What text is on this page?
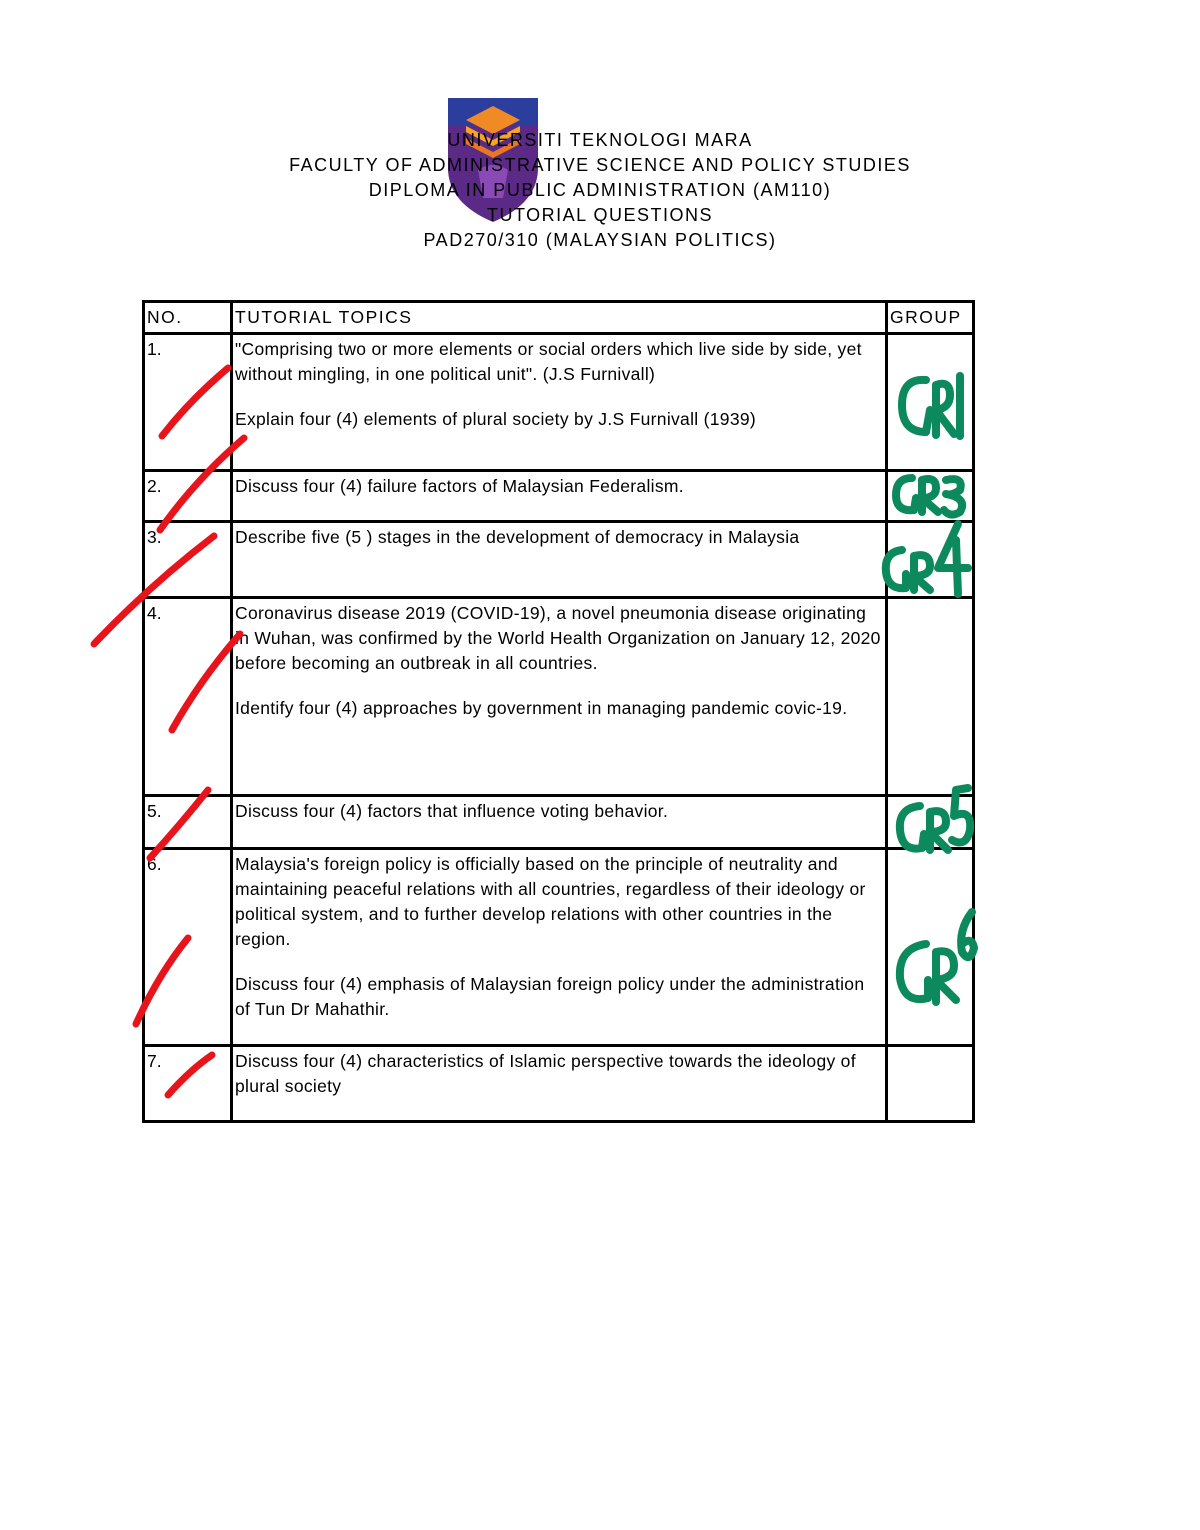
UNIVERSITI TEKNOLOGI MARA
FACULTY OF ADMINISTRATIVE SCIENCE AND POLICY STUDIES
DIPLOMA IN PUBLIC ADMINISTRATION (AM110)
TUTORIAL QUESTIONS
PAD270/310 (MALAYSIAN POLITICS)
NO.	TUTORIAL TOPICS	GROUP
1.	"Comprising two or more elements or social orders which live side by side, yet without mingling, in one political unit". (J.S Furnivall)

Explain four (4) elements of plural society by J.S Furnivall (1939)	

2.	Discuss four (4) failure factors of Malaysian Federalism.	

3.	Describe five (5 ) stages in the development of democracy in Malaysia	

4.	Coronavirus disease 2019 (COVID-19), a novel pneumonia disease originating in Wuhan, was confirmed by the World Health Organization on January 12, 2020 before becoming an outbreak in all countries.

Identify four (4) approaches by government in managing pandemic covic-19.	

5.	Discuss four (4) factors that influence voting behavior.	

6.	Malaysia's foreign policy is officially based on the principle of neutrality and maintaining peaceful relations with all countries, regardless of their ideology or political system, and to further develop relations with other countries in the region.

Discuss four (4) emphasis of Malaysian foreign policy under the administration of Tun Dr Mahathir.	

7.	Discuss four (4) characteristics of Islamic perspective towards the ideology of plural society	
